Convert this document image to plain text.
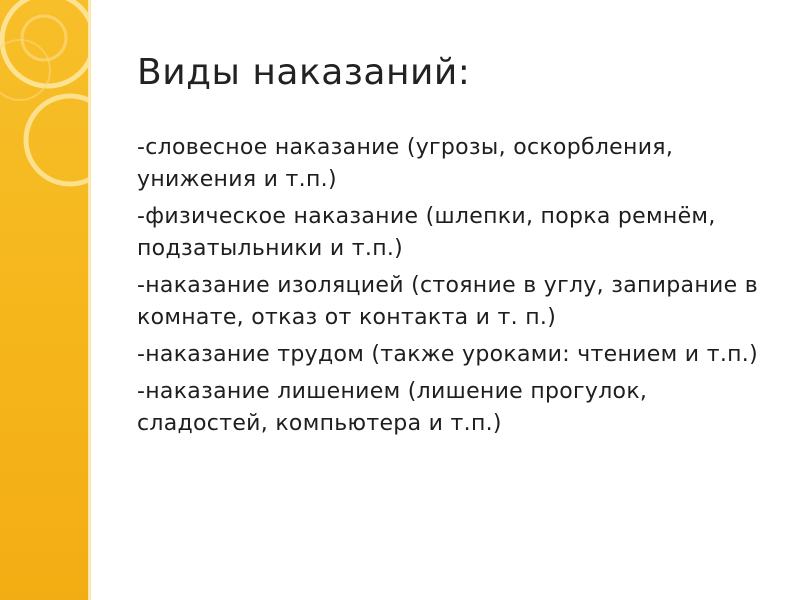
Виды наказаний:
-словесное наказание (угрозы, оскорбления, унижения и т.п.)
-физическое наказание (шлепки, порка ремнём, подзатыльники и т.п.)
-наказание изоляцией (стояние в углу, запирание в комнате, отказ от контакта и т. п.)
-наказание трудом (также уроками: чтением и т.п.)
-наказание лишением (лишение прогулок, сладостей, компьютера и т.п.)
